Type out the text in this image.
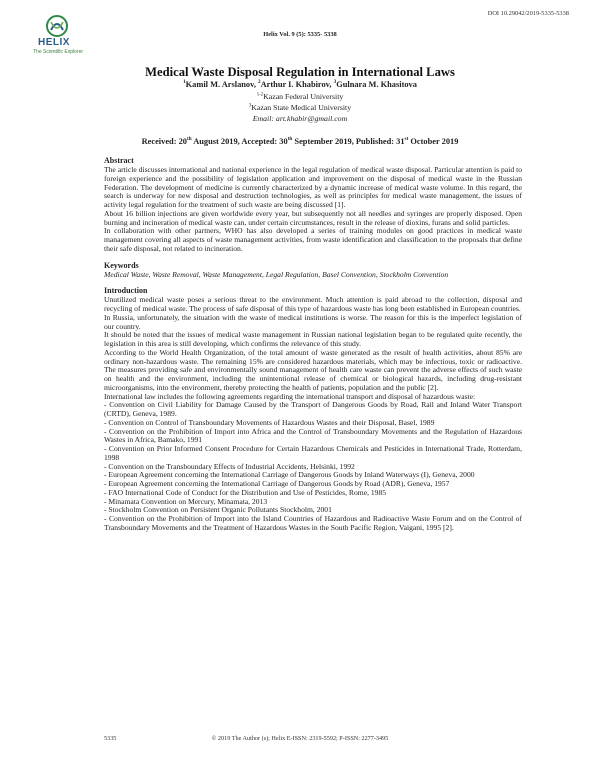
HELIX
The Scientific Explorer
DOI 10.29042/2019-5335-5338
Helix Vol. 9 (5): 5335- 5338
Medical Waste Disposal Regulation in International Laws
$^1$Kamil M. Arslanov, $^2$Arthur I. Khabirov, $^3$Gulnara M. Khasitova
$^{1-2}$Kazan Federal University
$^3$Kazan State Medical University
Email: art.khabir@gmail.com
Received: 20th August 2019, Accepted: 30th September 2019, Published: 31st October 2019
Abstract

The article discusses international and national experience in the legal regulation of medical waste disposal. Particular attention is paid to foreign experience and the possibility of legislation application and improvement on the disposal of medical waste in the Russian Federation. The development of medicine is currently characterized by a dynamic increase of medical waste volume. In this regard, the search is underway for new disposal and destruction technologies, as well as principles for medical waste management, the issues of activity legal regulation for the treatment of such waste are being discussed [1].

About 16 billion injections are given worldwide every year, but subsequently not all needles and syringes are properly disposed. Open burning and incineration of medical waste can, under certain circumstances, result in the release of dioxins, furans and solid particles.

In collaboration with other partners, WHO has also developed a series of training modules on good practices in medical waste management covering all aspects of waste management activities, from waste identification and classification to the proposals that define their safe disposal, not related to incineration.

Keywords

Medical Waste, Waste Removal, Waste Management, Legal Regulation, Basel Convention, Stockholm Convention

Introduction

Unutilized medical waste poses a serious threat to the environment. Much attention is paid abroad to the collection, disposal and recycling of medical waste. The process of safe disposal of this type of hazardous waste has long been established in European countries.

In Russia, unfortunately, the situation with the waste of medical institutions is worse. The reason for this is the imperfect legislation of our country.

It should be noted that the issues of medical waste management in Russian national legislation began to be regulated quite recently, the legislation in this area is still developing, which confirms the relevance of this study.

According to the World Health Organization, of the total amount of waste generated as the result of health activities, about 85% are ordinary non-hazardous waste. The remaining 15% are considered hazardous materials, which may be infectious, toxic or radioactive. The measures providing safe and environmentally sound management of health care waste can prevent the adverse effects of such waste on health and the environment, including the unintentional release of chemical or biological hazards, including drug-resistant microorganisms, into the environment, thereby protecting the health of patients, population and the public [2].

International law includes the following agreements regarding the international transport and disposal of hazardous waste:

- Convention on Civil Liability for Damage Caused by the Transport of Dangerous Goods by Road, Rail and Inland Water Transport (CRTD), Geneva, 1989.

- Convention on Control of Transboundary Movements of Hazardous Wastes and their Disposal, Basel, 1989

- Convention on the Prohibition of Import into Africa and the Control of Transboundary Movements and the Regulation of Hazardous Wastes in Africa, Bamako, 1991

- Convention on Prior Informed Consent Procedure for Certain Hazardous Chemicals and Pesticides in International Trade, Rotterdam, 1998

- Convention on the Transboundary Effects of Industrial Accidents, Helsinki, 1992

- European Agreement concerning the International Carriage of Dangerous Goods by Inland Waterways (I), Geneva, 2000

- European Agreement concerning the International Carriage of Dangerous Goods by Road (ADR), Geneva, 1957

- FAO International Code of Conduct for the Distribution and Use of Pesticides, Rome, 1985

- Minamata Convention on Mercury, Minamata, 2013

- Stockholm Convention on Persistent Organic Pollutants Stockholm, 2001

- Convention on the Prohibition of Import into the Island Countries of Hazardous and Radioactive Waste Forum and on the Control of Transboundary Movements and the Treatment of Hazardous Wastes in the South Pacific Region, Vaigani, 1995 [2].

5335	© 2019 The Author (s); Helix E-ISSN: 2319-5592; P-ISSN: 2277-3495
